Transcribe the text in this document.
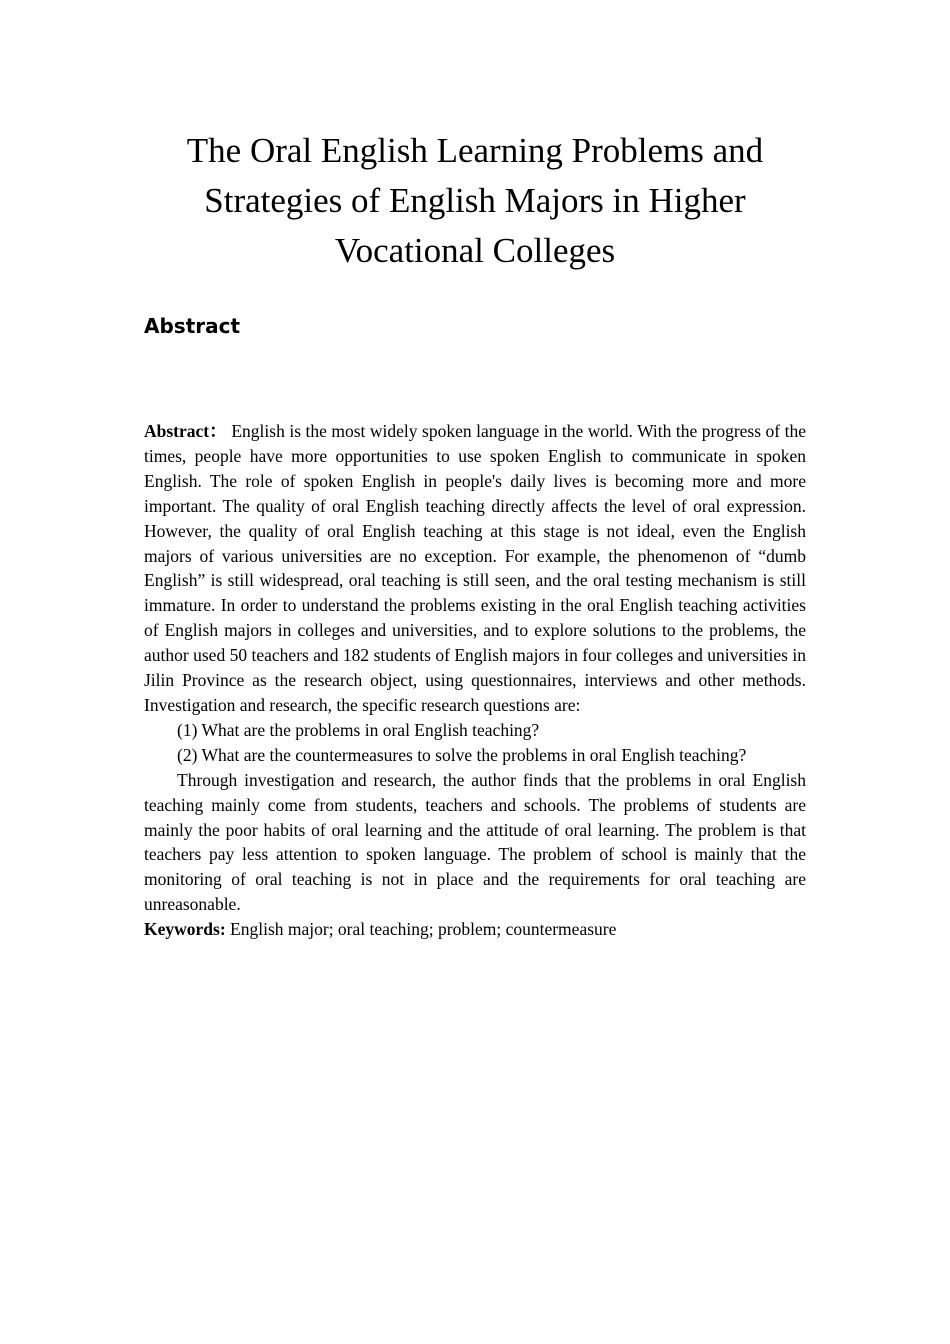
The Oral English Learning Problems and
Strategies of English Majors in Higher
Vocational Colleges
Abstract

Abstract： English is the most widely spoken language in the world. With the progress of the times, people have more opportunities to use spoken English to communicate in spoken English. The role of spoken English in people's daily lives is becoming more and more important. The quality of oral English teaching directly affects the level of oral expression. However, the quality of oral English teaching at this stage is not ideal, even the English majors of various universities are no exception. For example, the phenomenon of “dumb English” is still widespread, oral teaching is still seen, and the oral testing mechanism is still immature. In order to understand the problems existing in the oral English teaching activities of English majors in colleges and universities, and to explore solutions to the problems, the author used 50 teachers and 182 students of English majors in four colleges and universities in Jilin Province as the research object, using questionnaires, interviews and other methods. Investigation and research, the specific research questions are:

(1) What are the problems in oral English teaching?

(2) What are the countermeasures to solve the problems in oral English teaching?

Through investigation and research, the author finds that the problems in oral English teaching mainly come from students, teachers and schools. The problems of students are mainly the poor habits of oral learning and the attitude of oral learning. The problem is that teachers pay less attention to spoken language. The problem of school is mainly that the monitoring of oral teaching is not in place and the requirements for oral teaching are unreasonable.

Keywords: English major; oral teaching; problem; countermeasure
